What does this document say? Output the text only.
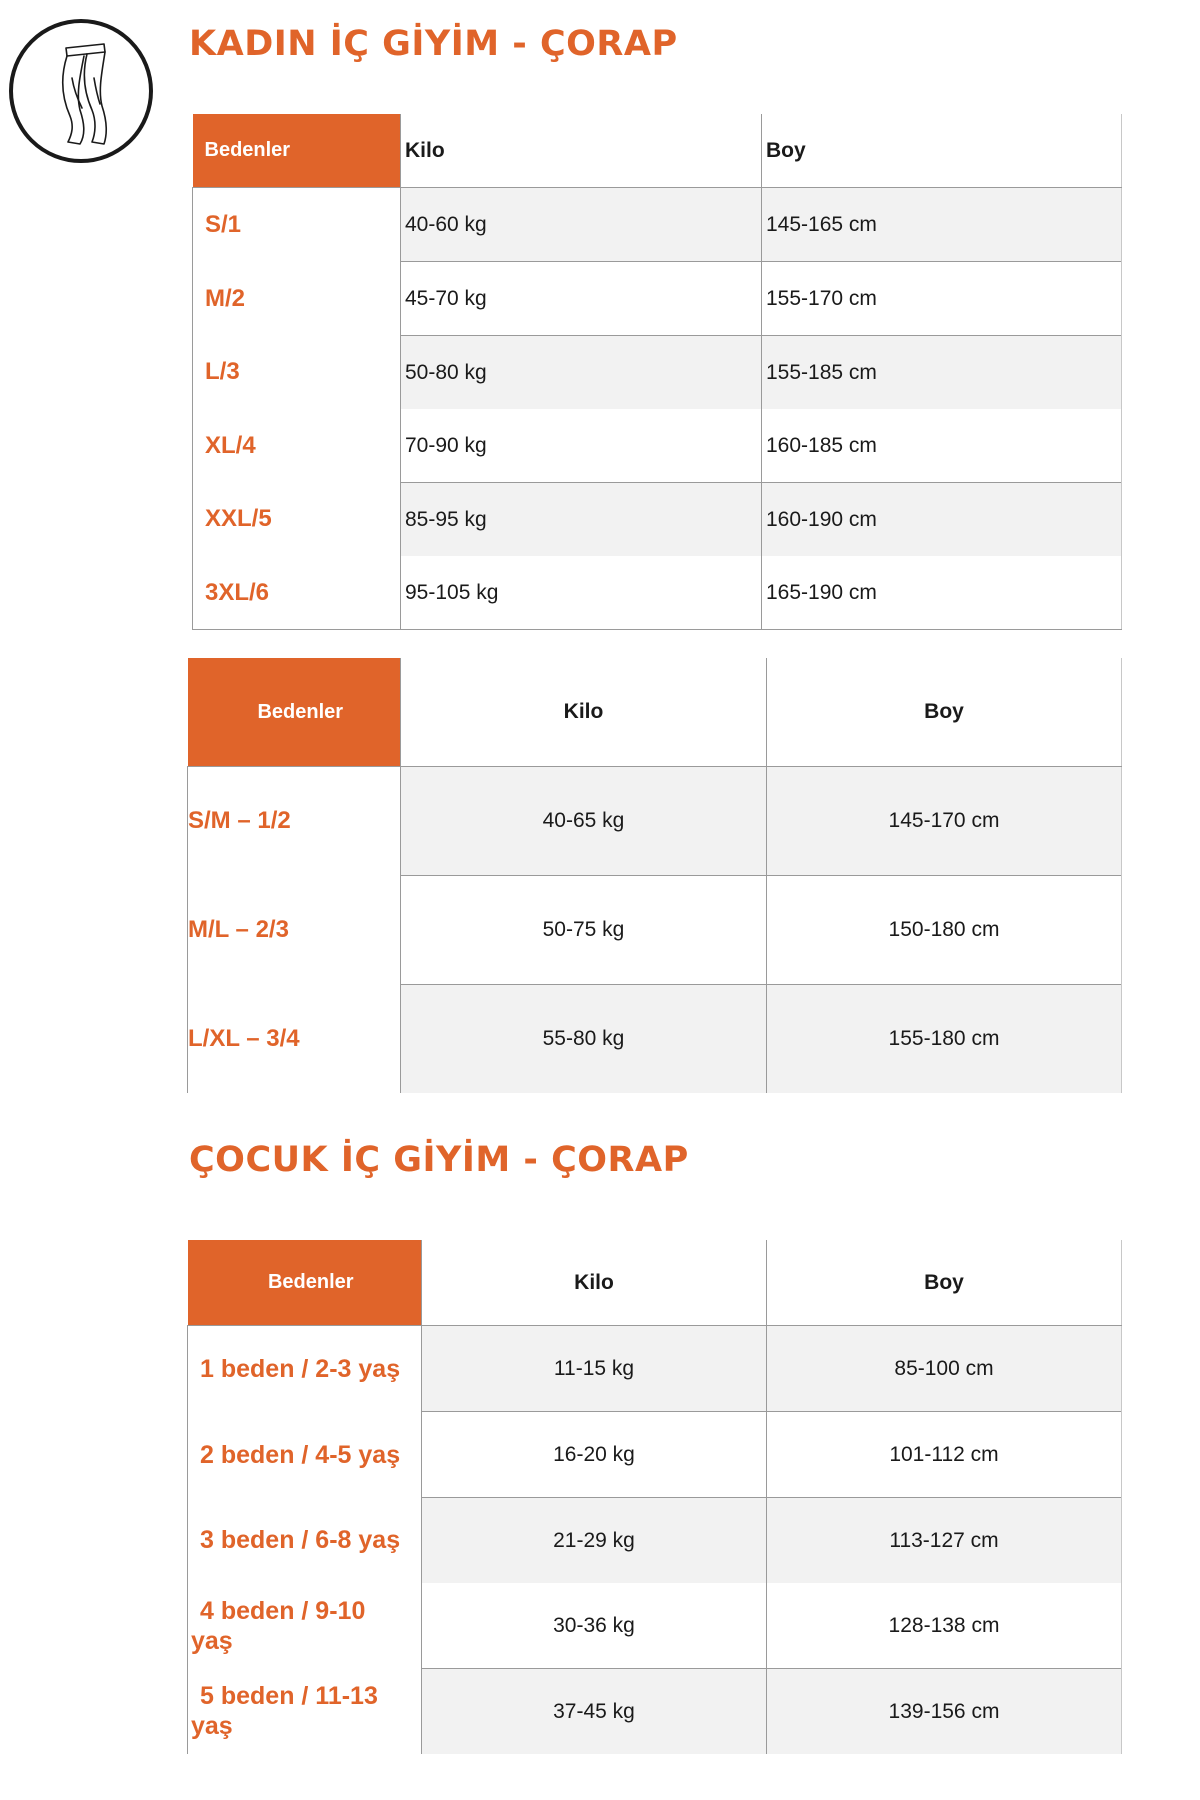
KADIN İÇ GİYİM - ÇORAP
Bedenler	Kilo	Boy
S/1	40-60 kg	145-165 cm
M/2	45-70 kg	155-170 cm
L/3	50-80 kg	155-185 cm
XL/4	70-90 kg	160-185 cm
XXL/5	85-95 kg	160-190 cm
3XL/6	95-105 kg	165-190 cm
Bedenler	Kilo	Boy
S/M – 1/2	40-65 kg	145-170 cm
M/L – 2/3	50-75 kg	150-180 cm
L/XL – 3/4	55-80 kg	155-180 cm
ÇOCUK İÇ GİYİM - ÇORAP
Bedenler	Kilo	Boy
1 beden / 2-3 yaş	11-15 kg	85-100 cm
2 beden / 4-5 yaş	16-20 kg	101-112 cm
3 beden / 6-8 yaş	21-29 kg	113-127 cm
4 beden / 9-10
yaş	30-36 kg	128-138 cm
5 beden / 11-13
yaş	37-45 kg	139-156 cm
